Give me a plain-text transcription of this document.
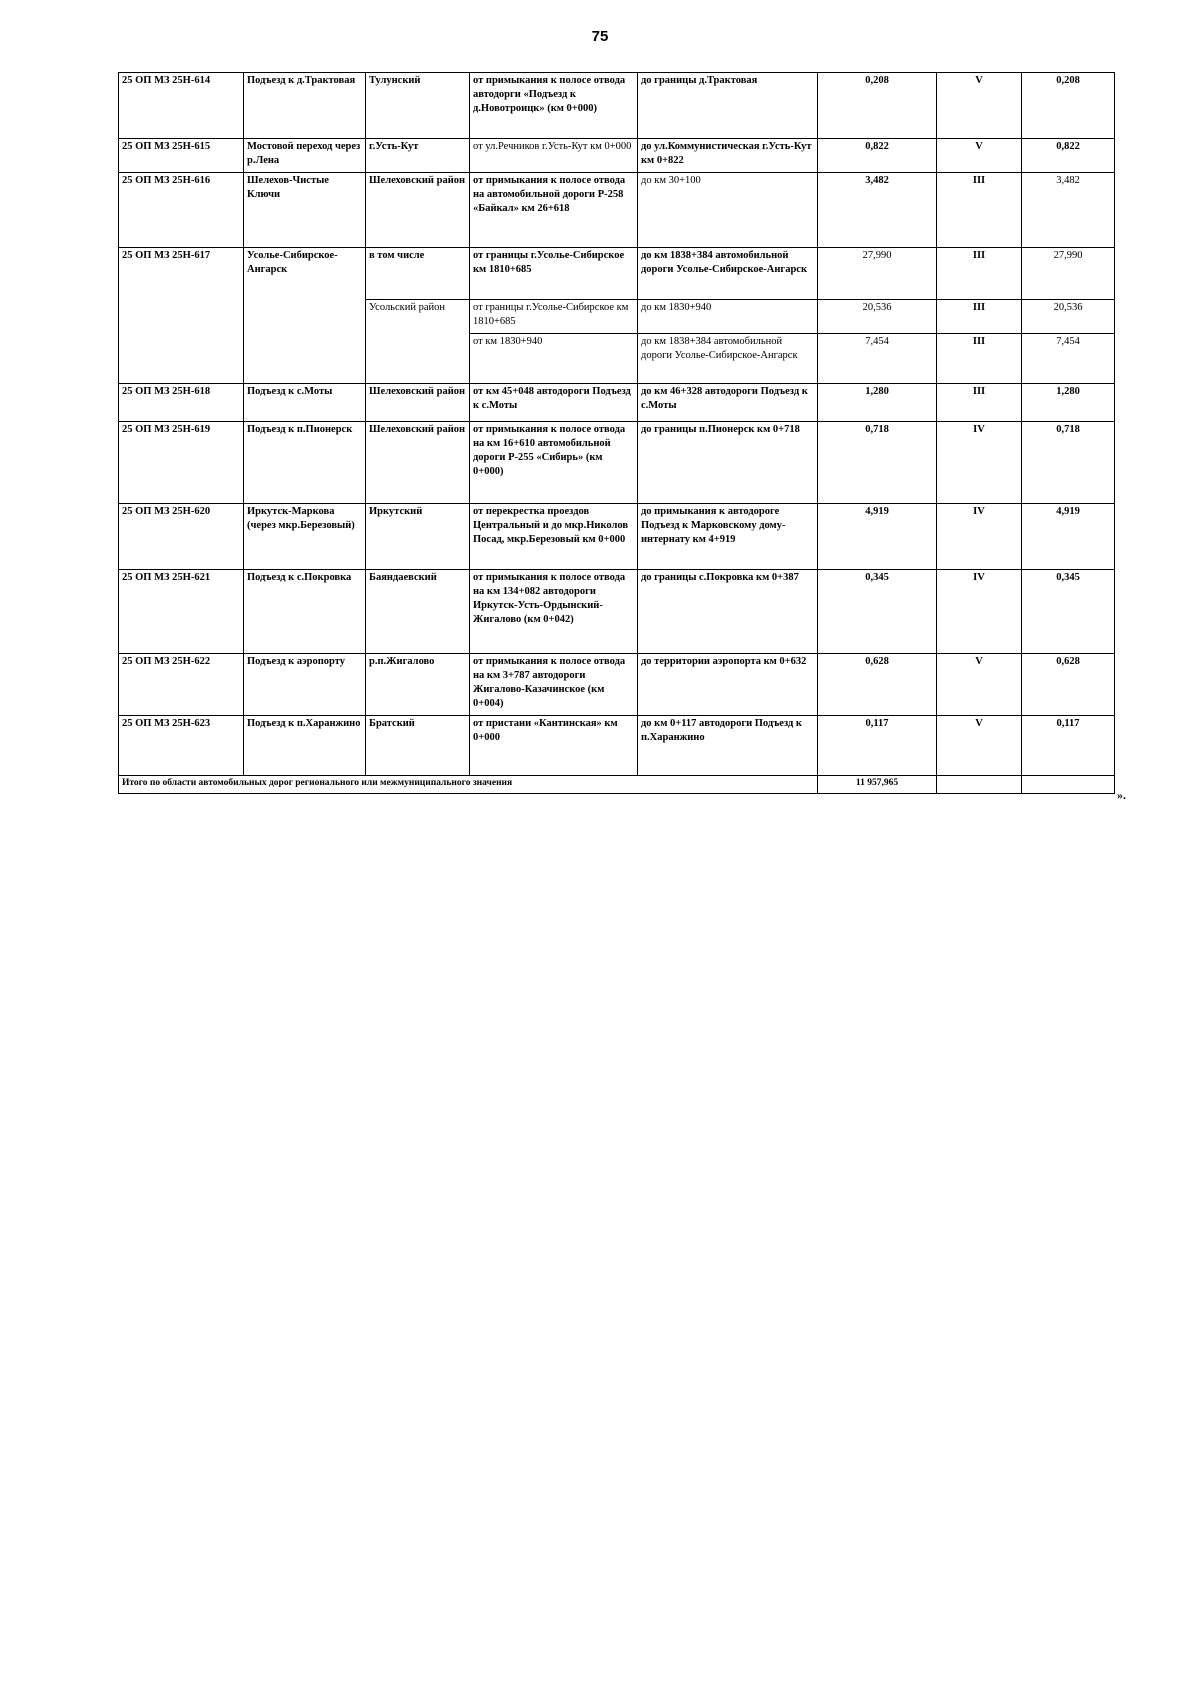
75
25 ОП МЗ 25Н-614	Подъезд к д.Трактовая	Тулунский	от примыкания к полосе отвода автодорги «Подъезд к д.Новотроицк» (км 0+000)	до границы д.Трактовая	0,208	V	0,208
25 ОП МЗ 25Н-615	Мостовой переход через р.Лена	г.Усть-Кут	от ул.Речников г.Усть-Кут км 0+000	до ул.Коммунистическая г.Усть-Кут км 0+822	0,822	V	0,822
25 ОП МЗ 25Н-616	Шелехов-Чистые Ключи	Шелеховский район	от примыкания к полосе отвода на автомобильной дороги Р-258 «Байкал» км 26+618	до км 30+100	3,482	III	3,482
25 ОП МЗ 25Н-617	Усолье-Сибирское-Ангарск	в том числе	от границы г.Усолье-Сибирское км 1810+685	до км 1838+384 автомобильной дороги Усолье-Сибирское-Ангарск	27,990	III	27,990
		Усольский район	от границы г.Усолье-Сибирское км 1810+685	до км 1830+940	20,536	III	20,536
			от км 1830+940	до км 1838+384 автомобильной дороги Усолье-Сибирское-Ангарск	7,454	III	7,454
25 ОП МЗ 25Н-618	Подъезд к с.Моты	Шелеховский район	от км 45+048 автодороги Подъезд к с.Моты	до км 46+328 автодороги Подъезд к с.Моты	1,280	III	1,280
25 ОП МЗ 25Н-619	Подъезд к п.Пионерск	Шелеховский район	от примыкания к полосе отвода на км 16+610 автомобильной дороги Р-255 «Сибирь» (км 0+000)	до границы п.Пионерск км 0+718	0,718	IV	0,718
25 ОП МЗ 25Н-620	Иркутск-Маркова (через мкр.Березовый)	Иркутский	от перекрестка проездов Центральный и до мкр.Николов Посад, мкр.Березовый км 0+000	до примыкания к автодороге Подъезд к Марковскому дому-интернату км 4+919	4,919	IV	4,919
25 ОП МЗ 25Н-621	Подъезд к с.Покровка	Баяндаевский	от примыкания к полосе отвода на км 134+082 автодороги Иркутск-Усть-Ордынский-Жигалово (км 0+042)	до границы с.Покровка км 0+387	0,345	IV	0,345
25 ОП МЗ 25Н-622	Подъезд к аэропорту	р.п.Жигалово	от примыкания к полосе отвода на км 3+787 автодороги Жигалово-Казачинское (км 0+004)	до территории аэропорта км 0+632	0,628	V	0,628
25 ОП МЗ 25Н-623	Подъезд к п.Харанжино	Братский	от пристани «Кантинская» км 0+000	до км 0+117 автодороги Подъезд к п.Харанжино	0,117	V	0,117
Итого по области автомобильных дорог регионального или межмуниципального значения					11 957,965		
».
